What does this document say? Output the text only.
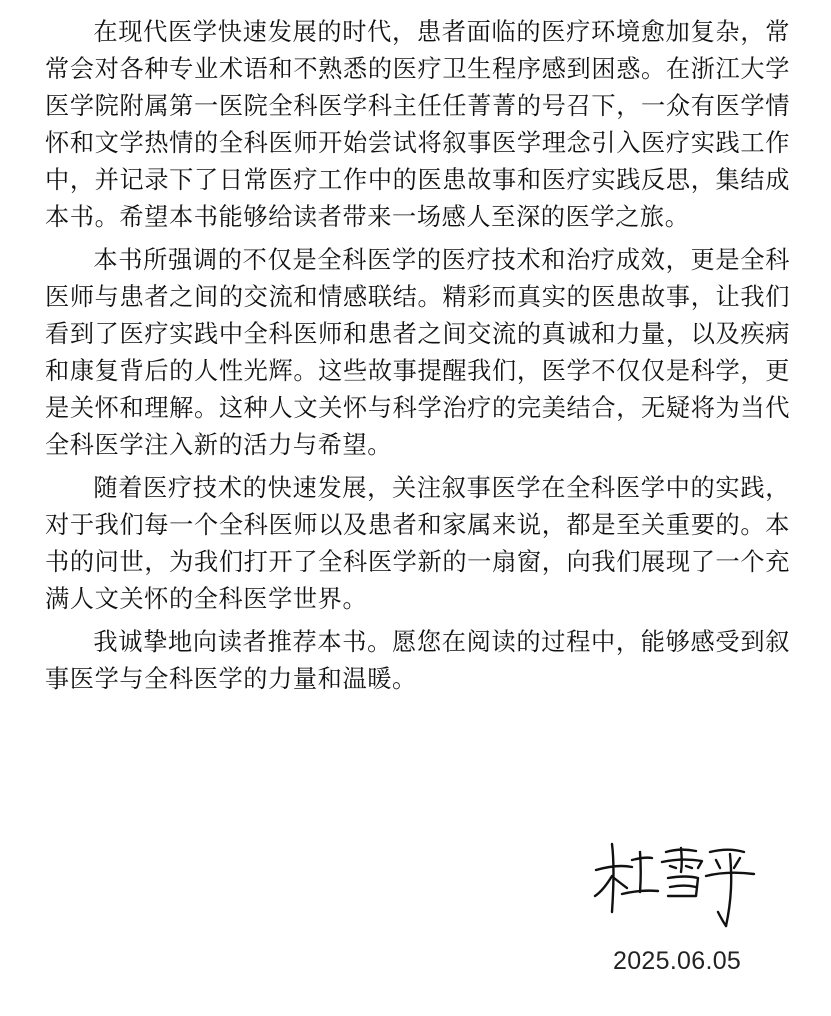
在现代医学快速发展的时代，患者面临的医疗环境愈加复杂，常常会对各种专业术语和不熟悉的医疗卫生程序感到困惑。在浙江大学医学院附属第一医院全科医学科主任任菁菁的号召下，一众有医学情怀和文学热情的全科医师开始尝试将叙事医学理念引入医疗实践工作中，并记录下了日常医疗工作中的医患故事和医疗实践反思，集结成本书。希望本书能够给读者带来一场感人至深的医学之旅。

本书所强调的不仅是全科医学的医疗技术和治疗成效，更是全科医师与患者之间的交流和情感联结。精彩而真实的医患故事，让我们看到了医疗实践中全科医师和患者之间交流的真诚和力量，以及疾病和康复背后的人性光辉。这些故事提醒我们，医学不仅仅是科学，更是关怀和理解。这种人文关怀与科学治疗的完美结合，无疑将为当代全科医学注入新的活力与希望。

随着医疗技术的快速发展，关注叙事医学在全科医学中的实践，对于我们每一个全科医师以及患者和家属来说，都是至关重要的。本书的问世，为我们打开了全科医学新的一扇窗，向我们展现了一个充满人文关怀的全科医学世界。

我诚挚地向读者推荐本书。愿您在阅读的过程中，能够感受到叙事医学与全科医学的力量和温暖。

2025.06.05
